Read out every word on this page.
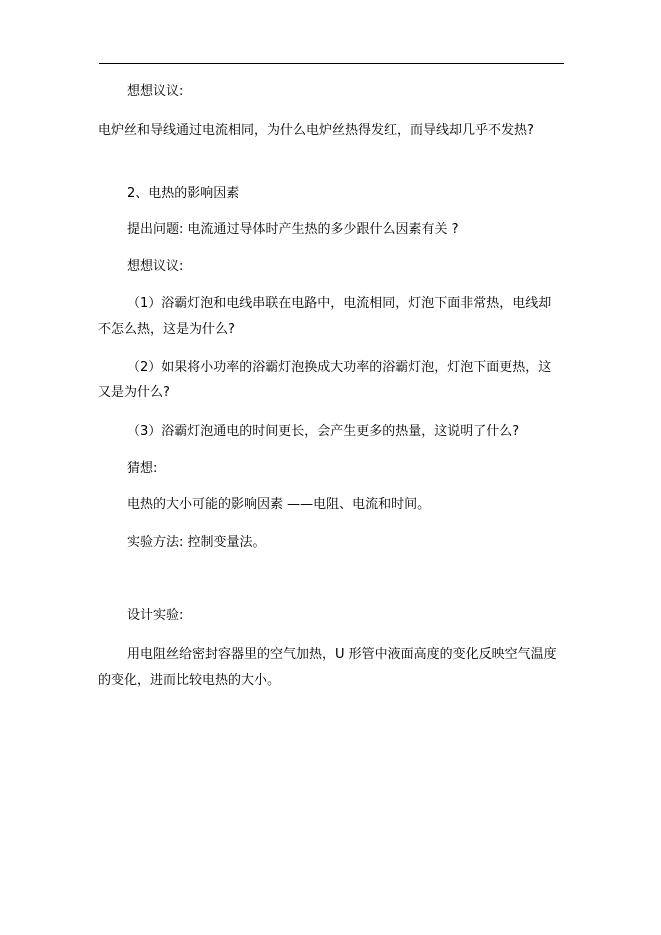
想想议议:
电炉丝和导线通过电流相同，为什么电炉丝热得发红，而导线却几乎不发热?
2、电热的影响因素
提出问题: 电流通过导体时产生热的多少跟什么因素有关 ?
想想议议:
（1）浴霸灯泡和电线串联在电路中，电流相同，灯泡下面非常热，电线却
不怎么热，这是为什么?
（2）如果将小功率的浴霸灯泡换成大功率的浴霸灯泡，灯泡下面更热，这
又是为什么?
（3）浴霸灯泡通电的时间更长，会产生更多的热量，这说明了什么?
猜想:
电热的大小可能的影响因素 ——电阻、电流和时间。
实验方法: 控制变量法。
设计实验:
用电阻丝给密封容器里的空气加热，U 形管中液面高度的变化反映空气温度
的变化，进而比较电热的大小。
